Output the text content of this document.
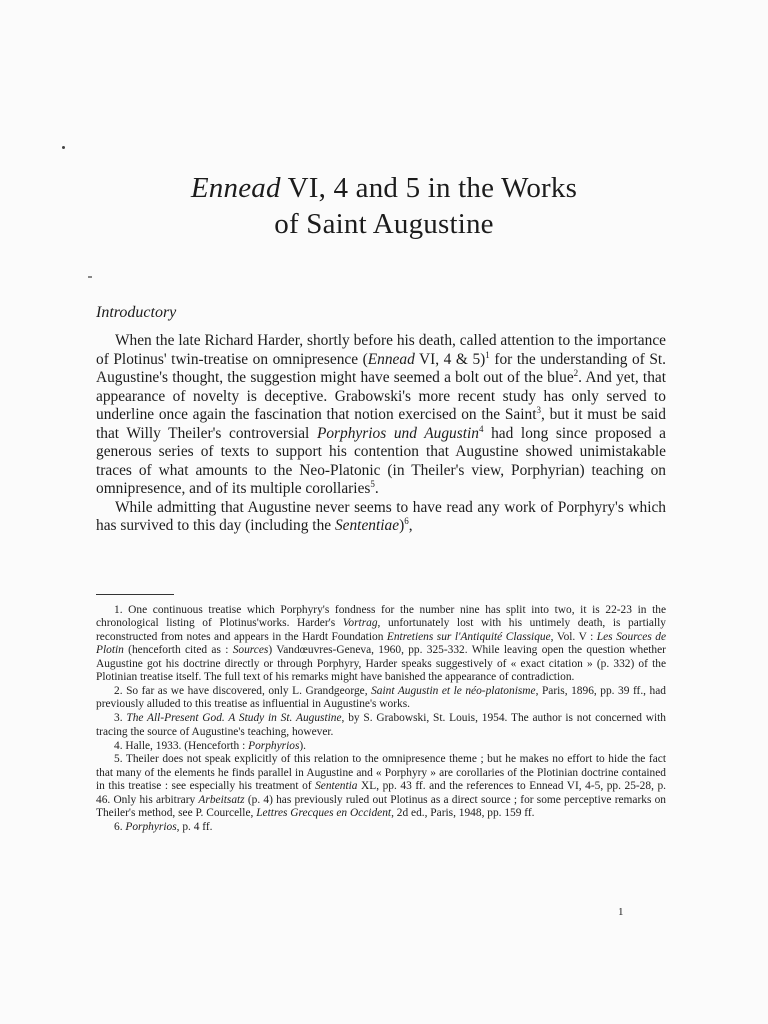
Ennead VI, 4 and 5 in the Works
of Saint Augustine
Introductory

When the late Richard Harder, shortly before his death, called attention to the importance of Plotinus' twin-treatise on omnipresence (Ennead VI, 4 & 5)$^1$ for the understanding of St. Augustine's thought, the suggestion might have seemed a bolt out of the blue$^2$. And yet, that appearance of novelty is deceptive. Grabowski's more recent study has only served to underline once again the fascination that notion exercised on the Saint$^3$, but it must be said that Willy Theiler's controversial Porphyrios und Augustin$^4$ had long since proposed a generous series of texts to support his contention that Augustine showed unimistakable traces of what amounts to the Neo-Platonic (in Theiler's view, Porphyrian) teaching on omnipresence, and of its multiple corollaries$^5$.

While admitting that Augustine never seems to have read any work of Porphyry's which has survived to this day (including the Sententiae)$^6$,

1. One continuous treatise which Porphyry's fondness for the number nine has split into two, it is 22-23 in the chronological listing of Plotinus'works. Harder's Vortrag, unfortunately lost with his untimely death, is partially reconstructed from notes and appears in the Hardt Foundation Entretiens sur l'Antiquité Classique, Vol. V : Les Sources de Plotin (henceforth cited as : Sources) Vandœuvres-Geneva, 1960, pp. 325-332. While leaving open the question whether Augustine got his doctrine directly or through Porphyry, Harder speaks suggestively of « exact citation » (p. 332) of the Plotinian treatise itself. The full text of his remarks might have banished the appearance of contradiction.

2. So far as we have discovered, only L. Grandgeorge, Saint Augustin et le néo-platonisme, Paris, 1896, pp. 39 ff., had previously alluded to this treatise as influential in Augustine's works.

3. The All-Present God. A Study in St. Augustine, by S. Grabowski, St. Louis, 1954. The author is not concerned with tracing the source of Augustine's teaching, however.

4. Halle, 1933. (Henceforth : Porphyrios).

5. Theiler does not speak explicitly of this relation to the omnipresence theme ; but he makes no effort to hide the fact that many of the elements he finds parallel in Augustine and « Porphyry » are corollaries of the Plotinian doctrine contained in this treatise : see especially his treatment of Sententia XL, pp. 43 ff. and the references to Ennead VI, 4-5, pp. 25-28, p. 46. Only his arbitrary Arbeitsatz (p. 4) has previously ruled out Plotinus as a direct source ; for some perceptive remarks on Theiler's method, see P. Courcelle, Lettres Grecques en Occident, 2d ed., Paris, 1948, pp. 159 ff.

6. Porphyrios, p. 4 ff.

1
